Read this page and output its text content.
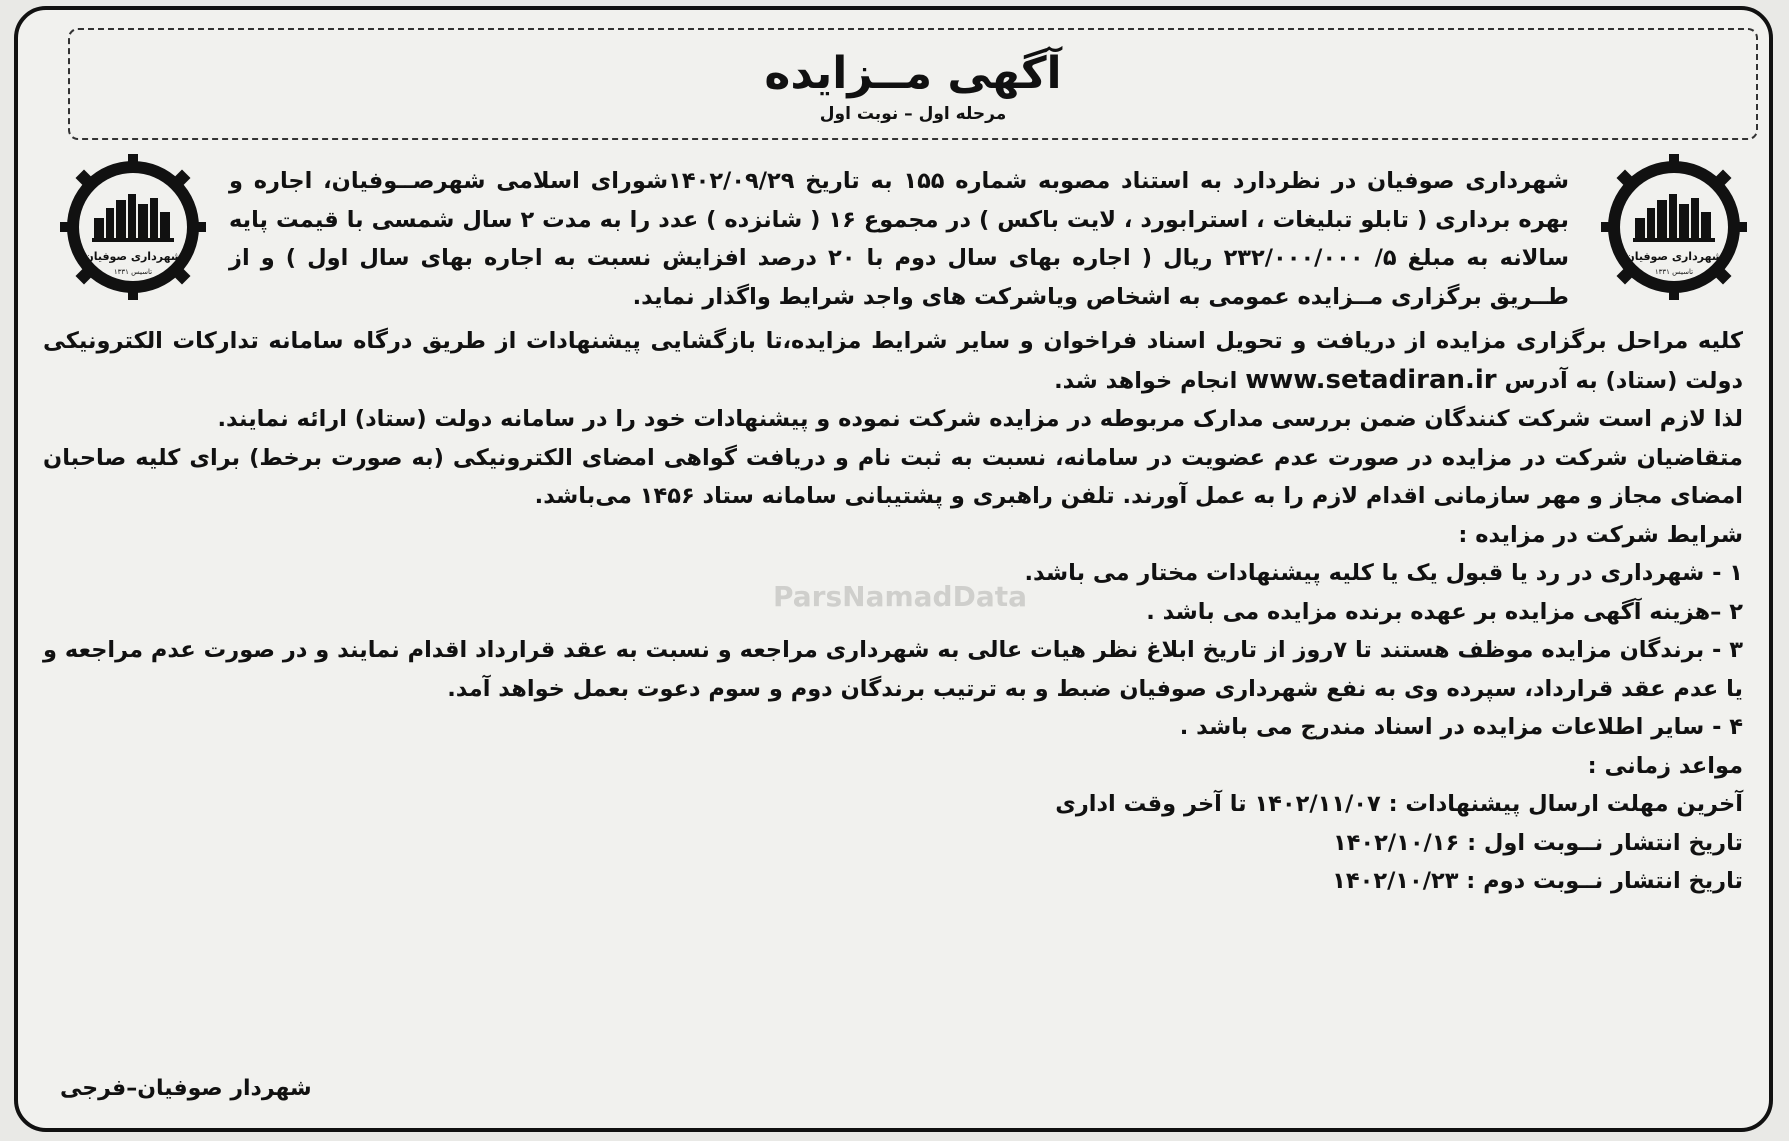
آگهی مــزایده
مرحله اول – نوبت اول
شهرداری صوفیان
تاسیس ۱۳۳۱
شهرداری صوفیان
تاسیس ۱۳۳۱
ParsNamadData
شهرداری صوفیان در نظردارد به استناد مصوبه شماره ۱۵۵ به تاریخ ۱۴۰۲/۰۹/۲۹شورای اسلامی شهرصــوفیان، اجاره و بهره برداری ( تابلو تبلیغات ، استرابورد ، لایت باکس ) در مجموع ۱۶ ( شانزده ) عدد را به مدت ۲ سال شمسی با قیمت پایه سالانه به مبلغ ۵/ ۲۳۲/۰۰۰/۰۰۰ ریال ( اجاره بهای سال دوم با ۲۰ درصد افزایش نسبت به اجاره بهای سال اول ) و از طــریق برگزاری مــزایده عمومی به اشخاص ویاشرکت های واجد شرایط واگذار نماید.

کلیه مراحل برگزاری مزایده از دریافت و تحویل اسناد فراخوان و سایر شرایط مزایده،تا بازگشایی پیشنهادات از طریق درگاه سامانه تدارکات الکترونیکی دولت (ستاد) به آدرس www.setadiran.ir انجام خواهد شد.

لذا لازم است شرکت کنندگان ضمن بررسی مدارک مربوطه در مزایده شرکت نموده و پیشنهادات خود را در سامانه دولت (ستاد) ارائه نمایند.

متقاضیان شرکت در مزایده در صورت عدم عضویت در سامانه، نسبت به ثبت نام و دریافت گواهی امضای الکترونیکی (به صورت برخط) برای کلیه صاحبان امضای مجاز و مهر سازمانی اقدام لازم را به عمل آورند. تلفن راهبری و پشتیبانی سامانه ستاد ۱۴۵۶ می‌باشد.

شرایط شرکت در مزایده :

۱ - شهرداری در رد یا قبول یک یا کلیه پیشنهادات مختار می باشد.

۲ –هزینه آگهی مزایده بر عهده برنده مزایده می باشد .

۳ - برندگان مزایده موظف هستند تا ۷روز از تاریخ ابلاغ نظر هیات عالی به شهرداری مراجعه و نسبت به عقد قرارداد اقدام نمایند و در صورت عدم مراجعه و یا عدم عقد قرارداد، سپرده وی به نفع شهرداری صوفیان ضبط و به ترتیب برندگان دوم و سوم دعوت بعمل خواهد آمد.

۴ - سایر اطلاعات مزایده در اسناد مندرج می باشد .

مواعد زمانی :

آخرین مهلت ارسال پیشنهادات : ۱۴۰۲/۱۱/۰۷ تا آخر وقت اداری

تاریخ انتشار نــوبت اول : ۱۴۰۲/۱۰/۱۶

تاریخ انتشار نــوبت دوم : ۱۴۰۲/۱۰/۲۳

شهردار صوفیان–فرجی
